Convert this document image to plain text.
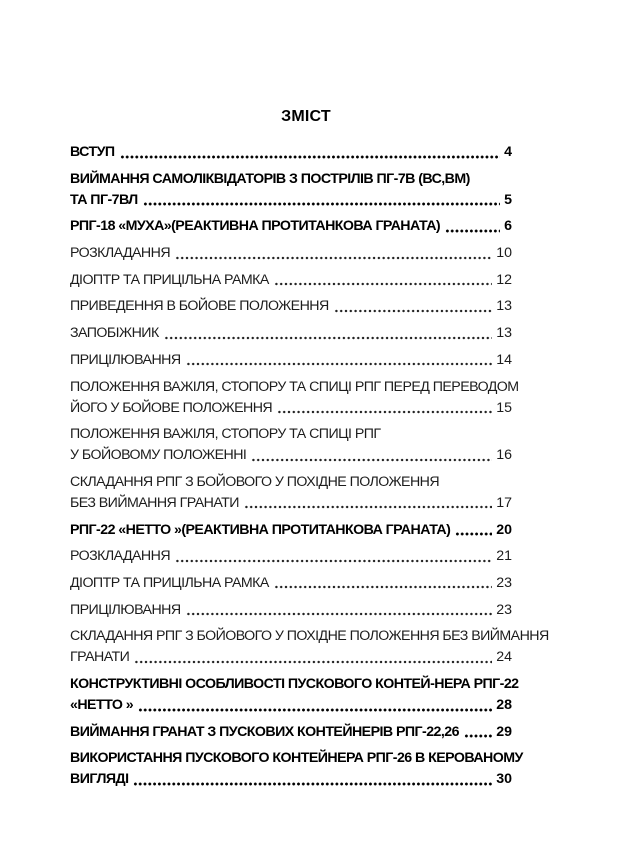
ЗМІСТ
ВСТУП	4
ВИЙМАННЯ САМОЛІКВІДАТОРІВ З ПОСТРІЛІВ ПГ-7В (ВС,ВМ)
ТА ПГ-7ВЛ	5
РПГ-18 «МУХА»(РЕАКТИВНА ПРОТИТАНКОВА ГРАНАТА)	6
РОЗКЛАДАННЯ	10
ДІОПТР ТА ПРИЦІЛЬНА РАМКА	12
ПРИВЕДЕННЯ В БОЙОВЕ ПОЛОЖЕННЯ	13
ЗАПОБІЖНИК	13
ПРИЦІЛЮВАННЯ	14
ПОЛОЖЕННЯ ВАЖІЛЯ, СТОПОРУ ТА СПИЦІ РПГ ПЕРЕД ПЕРЕВОДОМ
ЙОГО У БОЙОВЕ ПОЛОЖЕННЯ	15
ПОЛОЖЕННЯ ВАЖІЛЯ, СТОПОРУ ТА СПИЦІ РПГ
У БОЙОВОМУ ПОЛОЖЕННІ	16
СКЛАДАННЯ РПГ З БОЙОВОГО У ПОХІДНЕ ПОЛОЖЕННЯ
БЕЗ ВИЙМАННЯ ГРАНАТИ	17
РПГ-22 «НЕТТО »(РЕАКТИВНА ПРОТИТАНКОВА ГРАНАТА)	20
РОЗКЛАДАННЯ	21
ДІОПТР ТА ПРИЦІЛЬНА РАМКА	23
ПРИЦІЛЮВАННЯ	23
СКЛАДАННЯ РПГ З БОЙОВОГО У ПОХІДНЕ ПОЛОЖЕННЯ БЕЗ ВИЙМАННЯ
ГРАНАТИ	24
КОНСТРУКТИВНІ ОСОБЛИВОСТІ ПУСКОВОГО КОНТЕЙ-НЕРА РПГ-22
«НЕТТО »	28
ВИЙМАННЯ ГРАНАТ З ПУСКОВИХ КОНТЕЙНЕРІВ РПГ-22,26	29
ВИКОРИСТАННЯ ПУСКОВОГО КОНТЕЙНЕРА РПГ-26 В КЕРОВАНОМУ
ВИГЛЯДІ	30
